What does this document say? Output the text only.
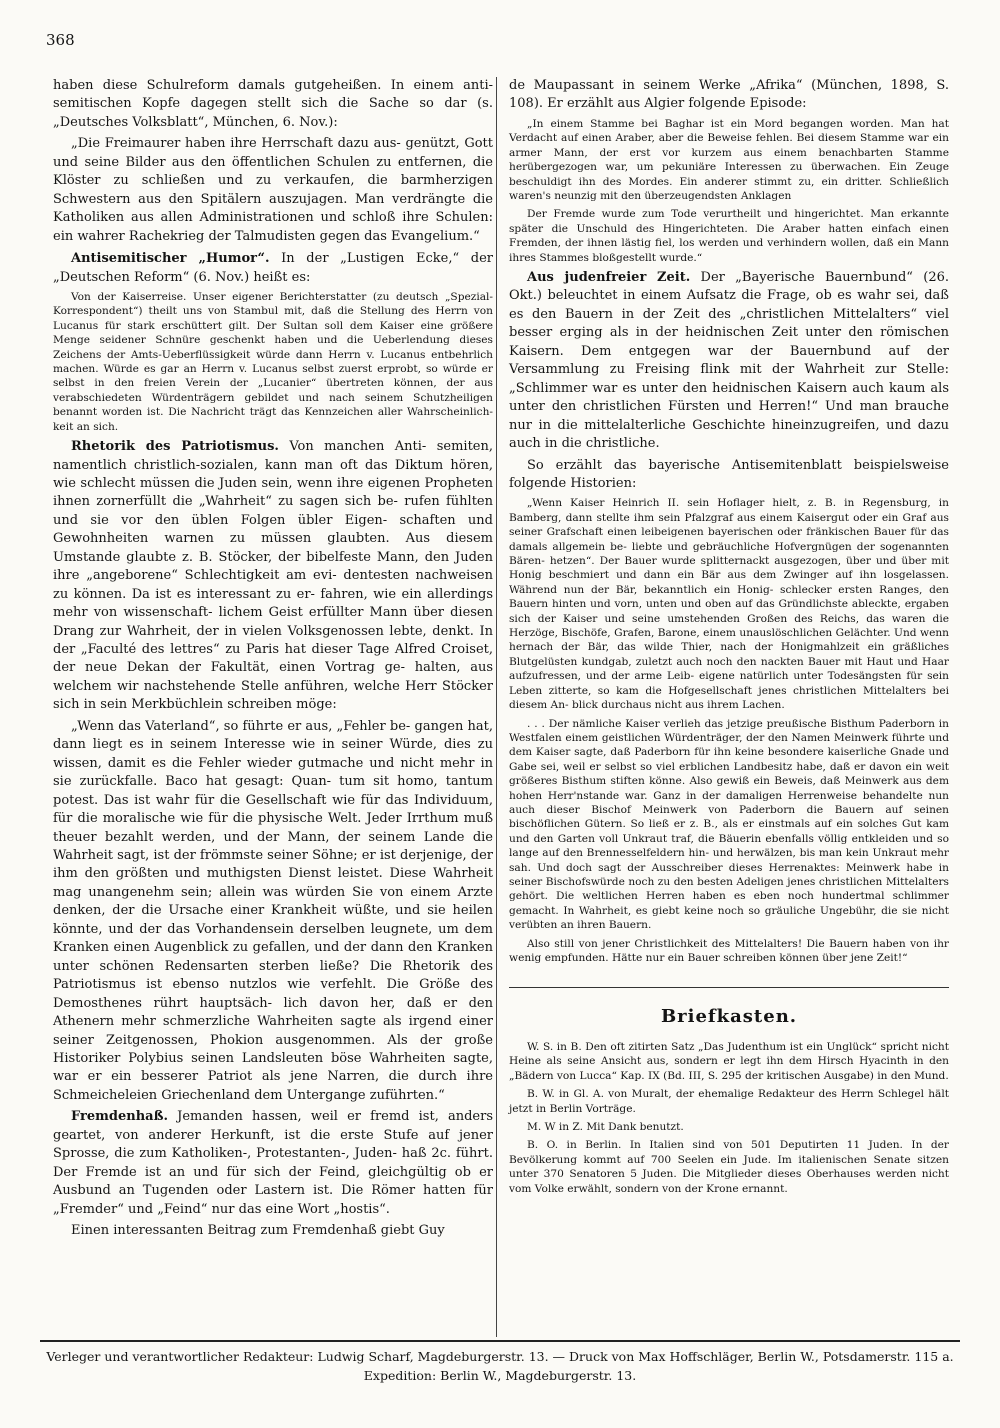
368

haben diese Schulreform damals gutgeheißen. In einem anti- semitischen Kopfe dagegen stellt sich die Sache so dar (s. „Deutsches Volksblatt“, München, 6. Nov.):

„Die Freimaurer haben ihre Herrschaft dazu aus- genützt, Gott und seine Bilder aus den öffentlichen Schulen zu entfernen, die Klöster zu schließen und zu verkaufen, die barmherzigen Schwestern aus den Spitälern auszujagen. Man verdrängte die Katholiken aus allen Administrationen und schloß ihre Schulen: ein wahrer Rachekrieg der Talmudisten gegen das Evangelium.“

Antisemitischer „Humor“. In der „Lustigen Ecke,“ der „Deutschen Reform“ (6. Nov.) heißt es:

Von der Kaiserreise. Unser eigener Berichterstatter (zu deutsch „Spezial-Korrespondent“) theilt uns von Stambul mit, daß die Stellung des Herrn von Lucanus für stark erschüttert gilt. Der Sultan soll dem Kaiser eine größere Menge seidener Schnüre geschenkt haben und die Ueberlendung dieses Zeichens der Amts-Ueberflüssigkeit würde dann Herrn v. Lucanus entbehrlich machen. Würde es gar an Herrn v. Lucanus selbst zuerst erprobt, so würde er selbst in den freien Verein der „Lucanier“ übertreten können, der aus verabschiedeten Würdenträgern gebildet und nach seinem Schutzheiligen benannt worden ist. Die Nachricht trägt das Kennzeichen aller Wahrscheinlich- keit an sich.

Rhetorik des Patriotismus. Von manchen Anti- semiten, namentlich christlich-sozialen, kann man oft das Diktum hören, wie schlecht müssen die Juden sein, wenn ihre eigenen Propheten ihnen zornerfüllt die „Wahrheit“ zu sagen sich be- rufen fühlten und sie vor den üblen Folgen übler Eigen- schaften und Gewohnheiten warnen zu müssen glaubten. Aus diesem Umstande glaubte z. B. Stöcker, der bibelfeste Mann, den Juden ihre „angeborene“ Schlechtigkeit am evi- dentesten nachweisen zu können. Da ist es interessant zu er- fahren, wie ein allerdings mehr von wissenschaft- lichem Geist erfüllter Mann über diesen Drang zur Wahrheit, der in vielen Volksgenossen lebte, denkt. In der „Faculté des lettres“ zu Paris hat dieser Tage Alfred Croiset, der neue Dekan der Fakultät, einen Vortrag ge- halten, aus welchem wir nachstehende Stelle anführen, welche Herr Stöcker sich in sein Merkbüchlein schreiben möge:

„Wenn das Vaterland“, so führte er aus, „Fehler be- gangen hat, dann liegt es in seinem Interesse wie in seiner Würde, dies zu wissen, damit es die Fehler wieder gutmache und nicht mehr in sie zurückfalle. Baco hat gesagt: Quan- tum sit homo, tantum potest. Das ist wahr für die Gesellschaft wie für das Individuum, für die moralische wie für die physische Welt. Jeder Irrthum muß theuer bezahlt werden, und der Mann, der seinem Lande die Wahrheit sagt, ist der frömmste seiner Söhne; er ist derjenige, der ihm den größten und muthigsten Dienst leistet. Diese Wahrheit mag unangenehm sein; allein was würden Sie von einem Arzte denken, der die Ursache einer Krankheit wüßte, und sie heilen könnte, und der das Vorhandensein derselben leugnete, um dem Kranken einen Augenblick zu gefallen, und der dann den Kranken unter schönen Redensarten sterben ließe? Die Rhetorik des Patriotismus ist ebenso nutzlos wie verfehlt. Die Größe des Demosthenes rührt hauptsäch- lich davon her, daß er den Athenern mehr schmerzliche Wahrheiten sagte als irgend einer seiner Zeitgenossen, Phokion ausgenommen. Als der große Historiker Polybius seinen Landsleuten böse Wahrheiten sagte, war er ein besserer Patriot als jene Narren, die durch ihre Schmeicheleien Griechenland dem Untergange zuführten.“

Fremdenhaß. Jemanden hassen, weil er fremd ist, anders geartet, von anderer Herkunft, ist die erste Stufe auf jener Sprosse, die zum Katholiken-, Protestanten-, Juden- haß 2c. führt. Der Fremde ist an und für sich der Feind, gleichgültig ob er Ausbund an Tugenden oder Lastern ist. Die Römer hatten für „Fremder“ und „Feind“ nur das eine Wort „hostis“.

Einen interessanten Beitrag zum Fremdenhaß giebt Guy

de Maupassant in seinem Werke „Afrika“ (München, 1898, S. 108). Er erzählt aus Algier folgende Episode:

„In einem Stamme bei Baghar ist ein Mord begangen worden. Man hat Verdacht auf einen Araber, aber die Beweise fehlen. Bei diesem Stamme war ein armer Mann, der erst vor kurzem aus einem benachbarten Stamme herübergezogen war, um pekuniäre Interessen zu überwachen. Ein Zeuge beschuldigt ihn des Mordes. Ein anderer stimmt zu, ein dritter. Schließlich waren's neunzig mit den überzeugendsten Anklagen

Der Fremde wurde zum Tode verurtheilt und hingerichtet. Man erkannte später die Unschuld des Hingerichteten. Die Araber hatten einfach einen Fremden, der ihnen lästig fiel, los werden und verhindern wollen, daß ein Mann ihres Stammes bloßgestellt wurde.“

Aus judenfreier Zeit. Der „Bayerische Bauernbund“ (26. Okt.) beleuchtet in einem Aufsatz die Frage, ob es wahr sei, daß es den Bauern in der Zeit des „christlichen Mittelalters“ viel besser erging als in der heidnischen Zeit unter den römischen Kaisern. Dem entgegen war der Bauernbund auf der Versammlung zu Freising flink mit der Wahrheit zur Stelle: „Schlimmer war es unter den heidnischen Kaisern auch kaum als unter den christlichen Fürsten und Herren!“ Und man brauche nur in die mittelalterliche Geschichte hineinzugreifen, und dazu auch in die christliche.

So erzählt das bayerische Antisemitenblatt beispielsweise folgende Historien:

„Wenn Kaiser Heinrich II. sein Hoflager hielt, z. B. in Regensburg, in Bamberg, dann stellte ihm sein Pfalzgraf aus einem Kaisergut oder ein Graf aus seiner Grafschaft einen leibeigenen bayerischen oder fränkischen Bauer für das damals allgemein be- liebte und gebräuchliche Hofvergnügen der sogenannten Bären- hetzen“. Der Bauer wurde splitternackt ausgezogen, über und über mit Honig beschmiert und dann ein Bär aus dem Zwinger auf ihn losgelassen. Während nun der Bär, bekanntlich ein Honig- schlecker ersten Ranges, den Bauern hinten und vorn, unten und oben auf das Gründlichste ableckte, ergaben sich der Kaiser und seine umstehenden Großen des Reichs, das waren die Herzöge, Bischöfe, Grafen, Barone, einem unauslöschlichen Gelächter. Und wenn hernach der Bär, das wilde Thier, nach der Honigmahlzeit ein gräßliches Blutgelüsten kundgab, zuletzt auch noch den nackten Bauer mit Haut und Haar aufzufressen, und der arme Leib- eigene natürlich unter Todesängsten für sein Leben zitterte, so kam die Hofgesellschaft jenes christlichen Mittelalters bei diesem An- blick durchaus nicht aus ihrem Lachen.

. . . Der nämliche Kaiser verlieh das jetzige preußische Bisthum Paderborn in Westfalen einem geistlichen Würdenträger, der den Namen Meinwerk führte und dem Kaiser sagte, daß Paderborn für ihn keine besondere kaiserliche Gnade und Gabe sei, weil er selbst so viel erblichen Landbesitz habe, daß er davon ein weit größeres Bisthum stiften könne. Also gewiß ein Beweis, daß Meinwerk aus dem hohen Herr'nstande war. Ganz in der damaligen Herrenweise behandelte nun auch dieser Bischof Meinwerk von Paderborn die Bauern auf seinen bischöflichen Gütern. So ließ er z. B., als er einstmals auf ein solches Gut kam und den Garten voll Unkraut traf, die Bäuerin ebenfalls völlig entkleiden und so lange auf den Brennesselfeldern hin- und herwälzen, bis man kein Unkraut mehr sah. Und doch sagt der Ausschreiber dieses Herrenaktes: Meinwerk habe in seiner Bischofswürde noch zu den besten Adeligen jenes christlichen Mittelalters gehört. Die weltlichen Herren haben es eben noch hundertmal schlimmer gemacht. In Wahrheit, es giebt keine noch so gräuliche Ungebühr, die sie nicht verübten an ihren Bauern.

Also still von jener Christlichkeit des Mittelalters! Die Bauern haben von ihr wenig empfunden. Hätte nur ein Bauer schreiben können über jene Zeit!“

Briefkasten.

W. S. in B. Den oft zitirten Satz „Das Judenthum ist ein Unglück“ spricht nicht Heine als seine Ansicht aus, sondern er legt ihn dem Hirsch Hyacinth in den „Bädern von Lucca“ Kap. IX (Bd. III, S. 295 der kritischen Ausgabe) in den Mund.

B. W. in Gl. A. von Muralt, der ehemalige Redakteur des Herrn Schlegel hält jetzt in Berlin Vorträge.

M. W in Z. Mit Dank benutzt.

B. O. in Berlin. In Italien sind von 501 Deputirten 11 Juden. In der Bevölkerung kommt auf 700 Seelen ein Jude. Im italienischen Senate sitzen unter 370 Senatoren 5 Juden. Die Mitglieder dieses Oberhauses werden nicht vom Volke erwählt, sondern von der Krone ernannt.

Verleger und verantwortlicher Redakteur: Ludwig Scharf, Magdeburgerstr. 13. — Druck von Max Hoffschläger, Berlin W., Potsdamerstr. 115 a.
Expedition: Berlin W., Magdeburgerstr. 13.
